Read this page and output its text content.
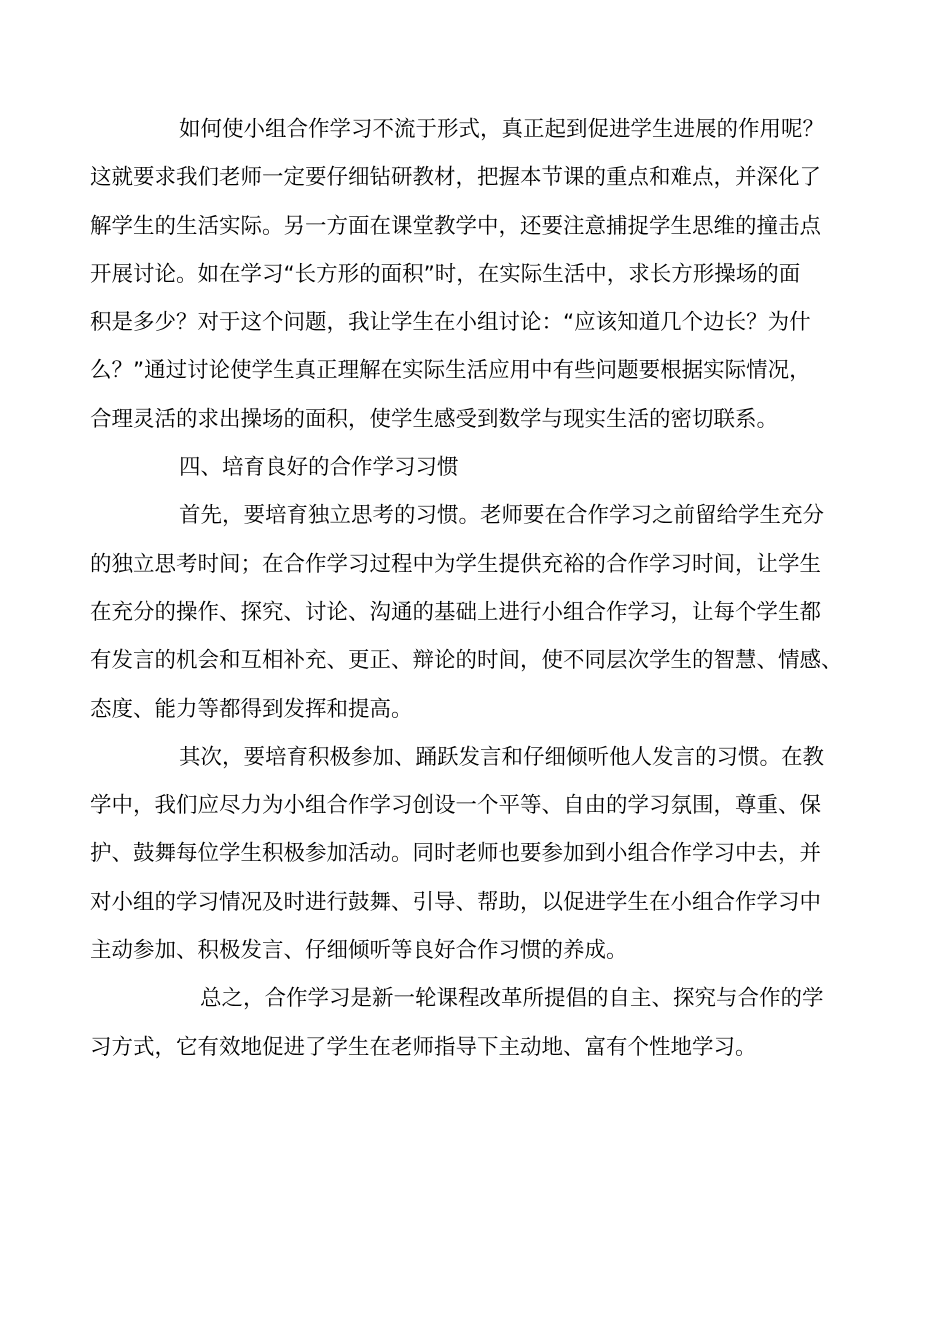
如何使小组合作学习不流于形式，真正起到促进学生进展的作用呢？
这就要求我们老师一定要仔细钻研教材，把握本节课的重点和难点，并深化了
解学生的生活实际。另一方面在课堂教学中，还要注意捕捉学生思维的撞击点
开展讨论。如在学习“长方形的面积”时，在实际生活中，求长方形操场的面
积是多少？对于这个问题，我让学生在小组讨论：“应该知道几个边长？为什
么？”通过讨论使学生真正理解在实际生活应用中有些问题要根据实际情况，
合理灵活的求出操场的面积，使学生感受到数学与现实生活的密切联系。
四、培育良好的合作学习习惯
首先，要培育独立思考的习惯。老师要在合作学习之前留给学生充分
的独立思考时间；在合作学习过程中为学生提供充裕的合作学习时间，让学生
在充分的操作、探究、讨论、沟通的基础上进行小组合作学习，让每个学生都
有发言的机会和互相补充、更正、辩论的时间，使不同层次学生的智慧、情感、
态度、能力等都得到发挥和提高。
其次，要培育积极参加、踊跃发言和仔细倾听他人发言的习惯。在教
学中，我们应尽力为小组合作学习创设一个平等、自由的学习氛围，尊重、保
护、鼓舞每位学生积极参加活动。同时老师也要参加到小组合作学习中去，并
对小组的学习情况及时进行鼓舞、引导、帮助，以促进学生在小组合作学习中
主动参加、积极发言、仔细倾听等良好合作习惯的养成。
总之，合作学习是新一轮课程改革所提倡的自主、探究与合作的学
习方式，它有效地促进了学生在老师指导下主动地、富有个性地学习。
